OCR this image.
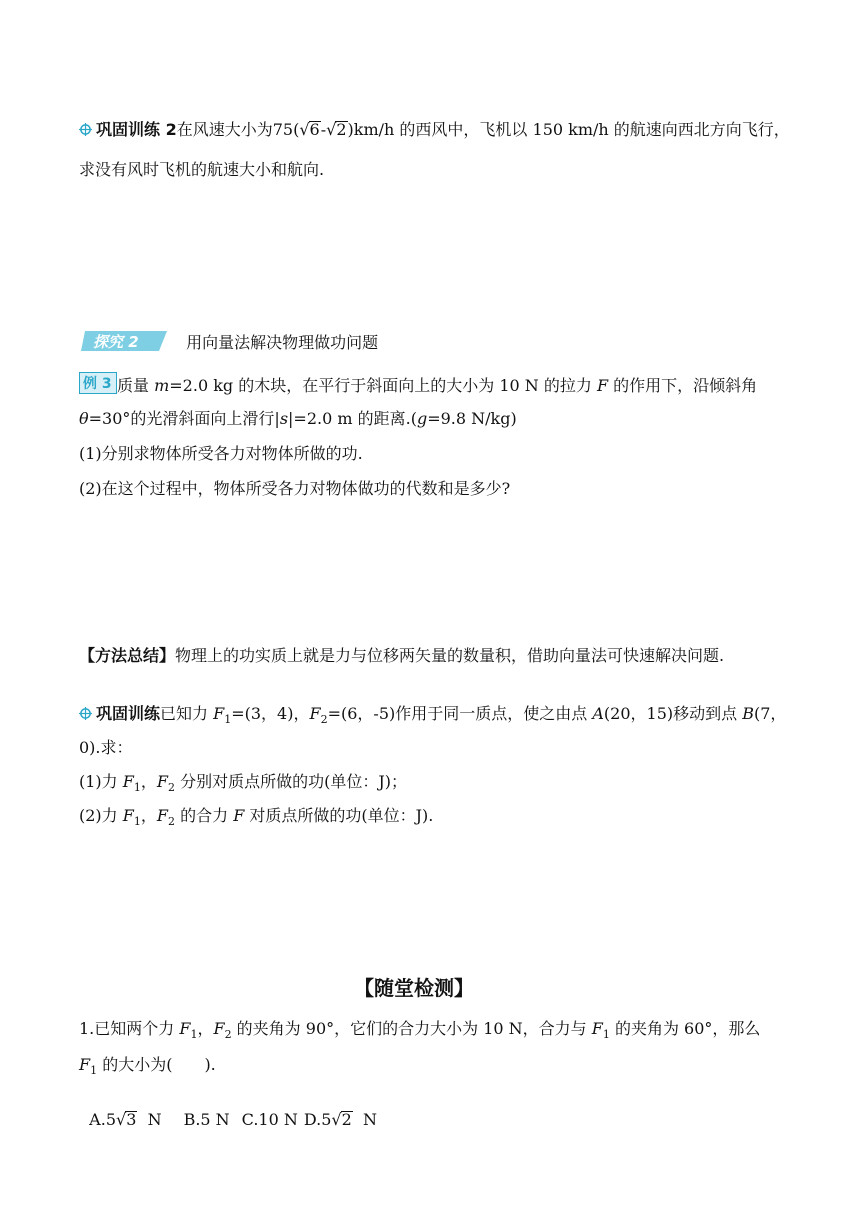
巩固训练 2在风速大小为75(√6-√2)km/h 的西风中，飞机以 150 km/h 的航速向西北方向飞行，
求没有风时飞机的航速大小和航向.

探究 2	用向量法解决物理做功问题
例 3 质量 m=2.0 kg 的木块，在平行于斜面向上的大小为 10 N 的拉力 F 的作用下，沿倾斜角
θ=30°的光滑斜面向上滑行|s|=2.0 m 的距离.(g=9.8 N/kg)
(1)分别求物体所受各力对物体所做的功.
(2)在这个过程中，物体所受各力对物体做功的代数和是多少?
【方法总结】物理上的功实质上就是力与位移两矢量的数量积，借助向量法可快速解决问题.
巩固训练已知力 $F_1=(3$，4)，$F_2=(6$，-5)作用于同一质点，使之由点 A(20，15)移动到点 B(7，
0).求：
(1)力 $F_1$，$F_2$ 分别对质点所做的功(单位：J)；
(2)力 $F_1$，$F_2$ 的合力 F 对质点所做的功(单位：J).
【随堂检测】
1.已知两个力 $F_1$，$F_2$ 的夹角为 90°，它们的合力大小为 10 N，合力与 $F_1$ 的夹角为 60°，那么
$F_1$ 的大小为(　　).

A.5√3  N B.5 N C.10 N D.5√2  N
